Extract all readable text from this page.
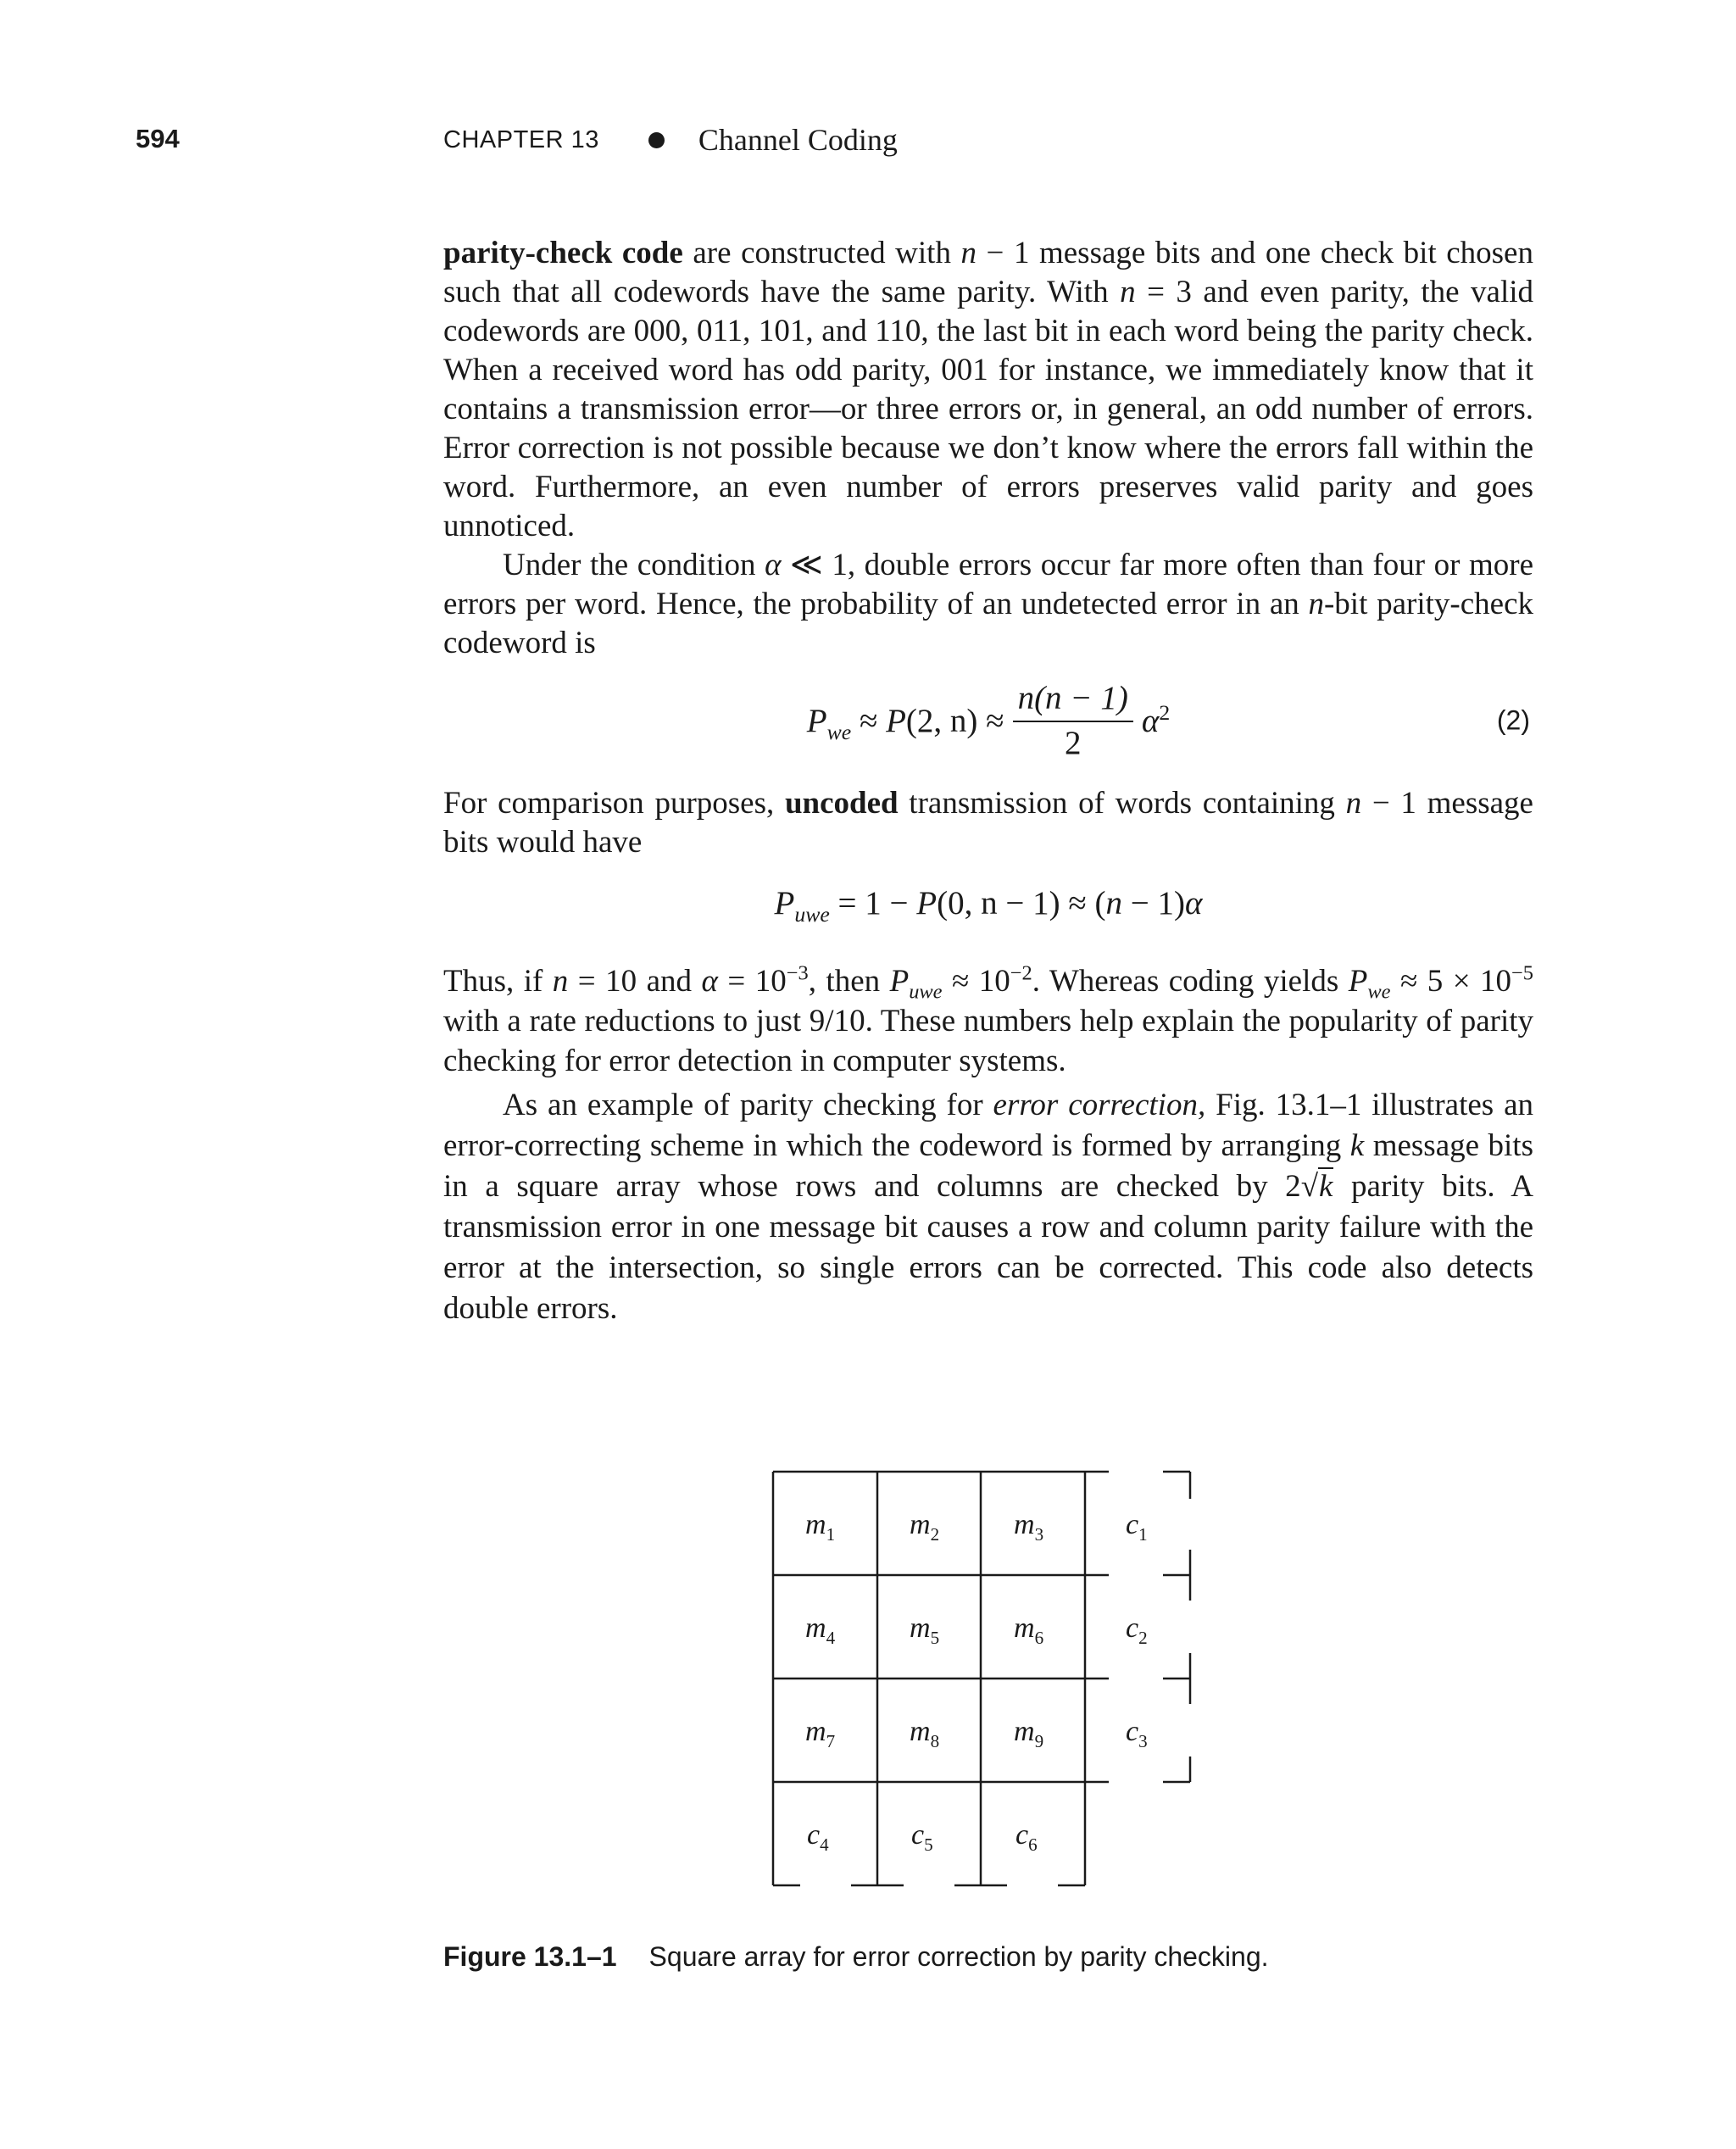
594	CHAPTER 13	Channel Coding

parity-check code are constructed with n − 1 message bits and one check bit chosen such that all codewords have the same parity. With n = 3 and even parity, the valid codewords are 000, 011, 101, and 110, the last bit in each word being the parity check. When a received word has odd parity, 001 for instance, we immediately know that it contains a transmission error—or three errors or, in general, an odd number of errors. Error correction is not possible because we don’t know where the errors fall within the word. Furthermore, an even number of errors preserves valid parity and goes unnoticed.

Under the condition α ≪ 1, double errors occur far more often than four or more errors per word. Hence, the probability of an undetected error in an n-bit parity-check codeword is

$P_{we} \approx P(2$, $n) \approx \frac{n(n - 1)}{2} \alpha^2$	(2)

For comparison purposes, uncoded transmission of words containing n − 1 message bits would have

$P_{uwe} = 1 - P(0$, n − 1) ≈ (n − 1)α

Thus, if n = 10 and $\alpha = 10^{-3}$, then $P_{uwe} \approx 10^{-2}$. Whereas coding yields $P_{we} \approx 5 \times 10^{-5}$ with a rate reductions to just 9/10. These numbers help explain the popularity of parity checking for error detection in computer systems.

As an example of parity checking for error correction, Fig. 13.1–1 illustrates an error-correcting scheme in which the codeword is formed by arranging k message bits in a square array whose rows and columns are checked by 2√k parity bits. A transmission error in one message bit causes a row and column parity failure with the error at the intersection, so single errors can be corrected. This code also detects double errors.

$m_1$	$m_2$	$m_3$	$c_1$
$m_4$	$m_5$	$m_6$	$c_2$
$m_7$	$m_8$	$m_9$	$c_3$
$c_4$	$c_5$	$c_6$
Figure 13.1–1 Square array for error correction by parity checking.
